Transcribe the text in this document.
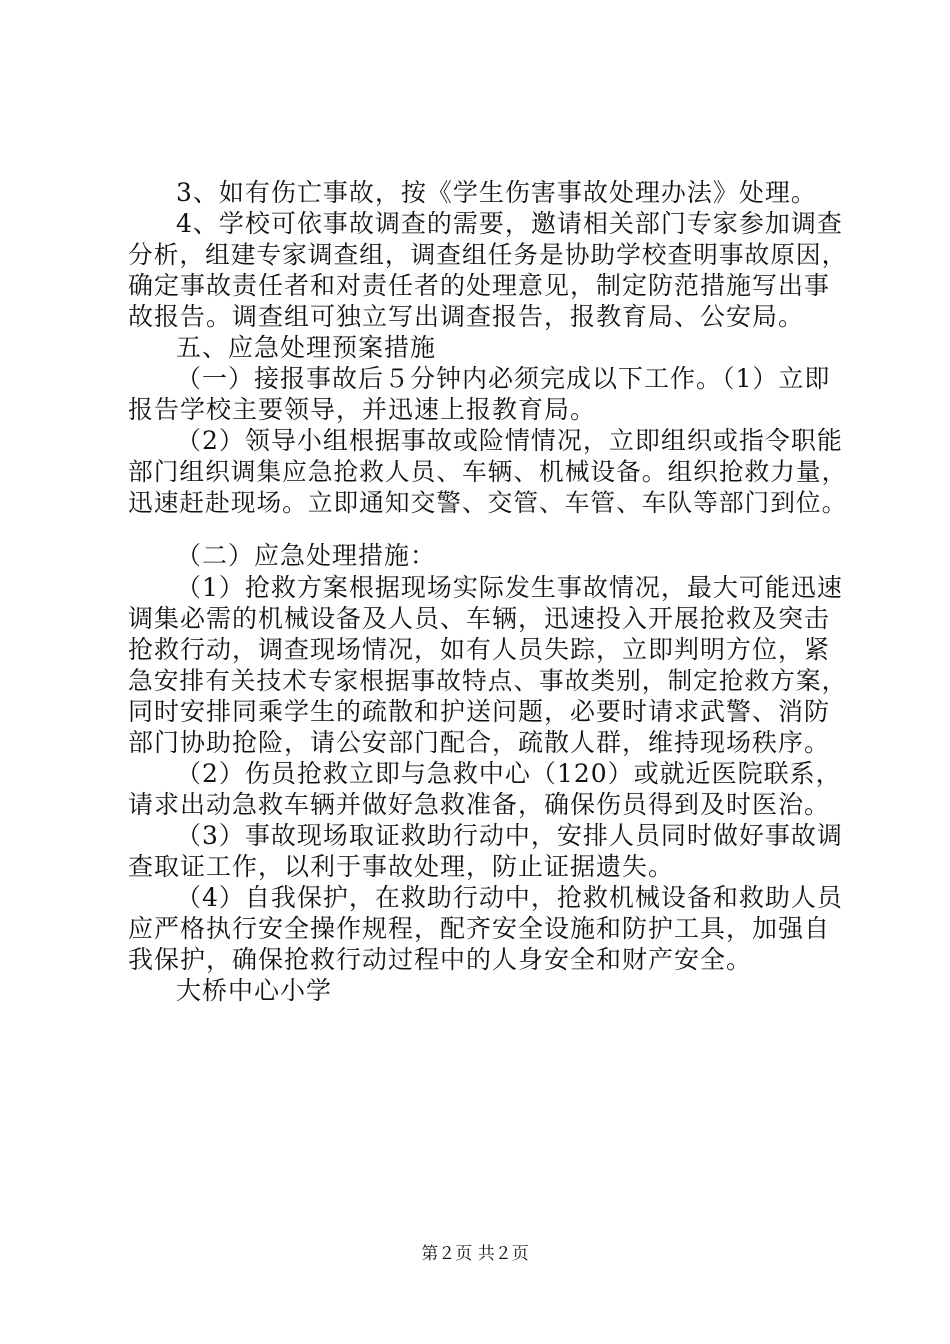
3、如有伤亡事故，按《学生伤害事故处理办法》处理。
4、学校可依事故调查的需要，邀请相关部门专家参加调查
分析，组建专家调查组，调查组任务是协助学校查明事故原因，
确定事故责任者和对责任者的处理意见，制定防范措施写出事
故报告。调查组可独立写出调查报告，报教育局、公安局。
五、应急处理预案措施
（一）接报事故后５分钟内必须完成以下工作。（1）立即
报告学校主要领导，并迅速上报教育局。
（2）领导小组根据事故或险情情况，立即组织或指令职能
部门组织调集应急抢救人员、车辆、机械设备。组织抢救力量，
迅速赶赴现场。立即通知交警、交管、车管、车队等部门到位。
（二）应急处理措施：
（1）抢救方案根据现场实际发生事故情况，最大可能迅速
调集必需的机械设备及人员、车辆，迅速投入开展抢救及突击
抢救行动，调查现场情况，如有人员失踪，立即判明方位，紧
急安排有关技术专家根据事故特点、事故类别，制定抢救方案，
同时安排同乘学生的疏散和护送问题，必要时请求武警、消防
部门协助抢险，请公安部门配合，疏散人群，维持现场秩序。
（2）伤员抢救立即与急救中心（120）或就近医院联系，
请求出动急救车辆并做好急救准备，确保伤员得到及时医治。
（3）事故现场取证救助行动中，安排人员同时做好事故调
查取证工作，以利于事故处理，防止证据遗失。
（4）自我保护，在救助行动中，抢救机械设备和救助人员
应严格执行安全操作规程，配齐安全设施和防护工具，加强自
我保护，确保抢救行动过程中的人身安全和财产安全。
大桥中心小学
第２页 共２页
